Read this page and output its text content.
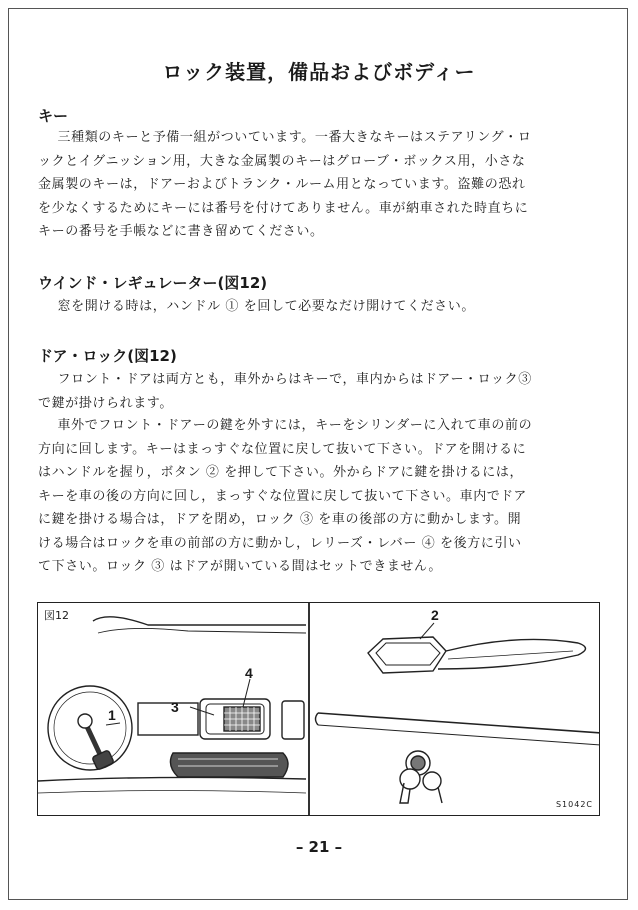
ロック装置，備品およびボディー
キー
三種類のキーと予備一組がついています。一番大きなキーはステアリング・ロ
ックとイグニッション用，大きな金属製のキーはグローブ・ボックス用，小さな
金属製のキーは，ドアーおよびトランク・ルーム用となっています。盗難の恐れ
を少なくするためにキーには番号を付けてありません。車が納車された時直ちに
キーの番号を手帳などに書き留めてください。
ウインド・レギュレーター(図12)
窓を開ける時は，ハンドル ① を回して必要なだけ開けてください。
ドア・ロック(図12)
フロント・ドアは両方とも，車外からはキーで，車内からはドアー・ロック③
で鍵が掛けられます。
車外でフロント・ドアーの鍵を外すには，キーをシリンダーに入れて車の前の
方向に回します。キーはまっすぐな位置に戻して抜いて下さい。ドアを開けるに
はハンドルを握り，ボタン ② を押して下さい。外からドアに鍵を掛けるには，
キーを車の後の方向に回し，まっすぐな位置に戻して抜いて下さい。車内でドア
に鍵を掛ける場合は，ドアを閉め，ロック ③ を車の後部の方に動かします。開
ける場合はロックを車の前部の方に動かし，レリーズ・レバー ④ を後方に引い
て下さい。ロック ③ はドアが開いている間はセットできません。
図12
1
2
3
4
S1042C
– 21 –
